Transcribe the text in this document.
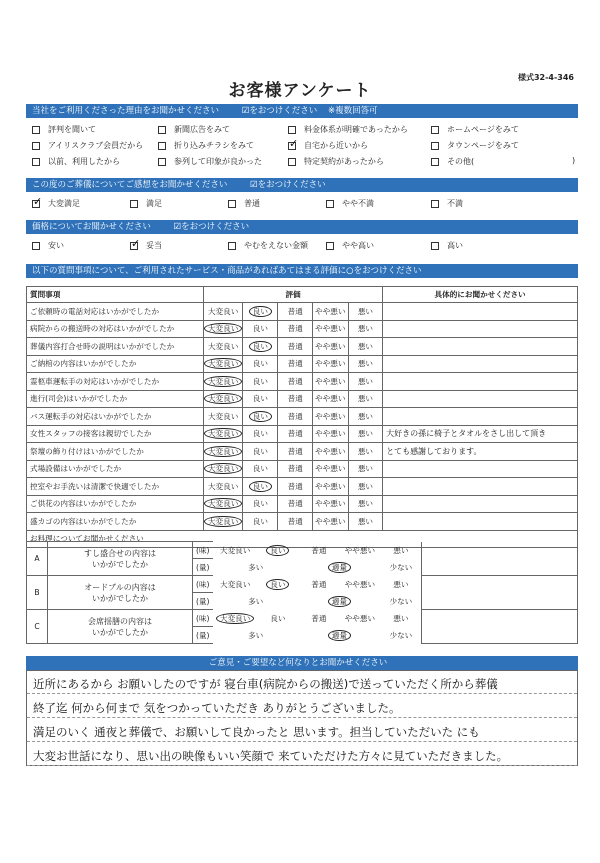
様式32-4-346
お客様アンケート
当社をご利用くださった理由をお聞かせください	☑をおつけください ※複数回答可
評判を聞いて	新聞広告をみて	料金体系が明確であったから	ホームページをみて
アイリスクラブ会員だから	折り込みチラシをみて ✓	自宅から近いから	タウンページをみて
以前、利用したから	参列して印象が良かった	特定契約があったから	その他(	)
この度のご葬儀についてご感想をお聞かせください	☑をおつけください
✓
大変満足	満足	普通	やや不満	不満
価格についてお聞かせください	☑をおつけください
安い ✓	妥当	やむをえない金額	やや高い	高い
以下の質問事項について、ご利用されたサービス・商品があればあてはまる評価に○をおつけください
質問事項	評価					具体的にお聞かせください
ご依頼時の電話対応はいかがでしたか	大変良い	良い	普通	やや悪い	悪い	
病院からの搬送時の対応はいかがでしたか	大変良い	良い	普通	やや悪い	悪い	
葬儀内容打合せ時の説明はいかがでしたか	大変良い	良い	普通	やや悪い	悪い	
ご納棺の内容はいかがでしたか	大変良い	良い	普通	やや悪い	悪い	
霊柩車運転手の対応はいかがでしたか	大変良い	良い	普通	やや悪い	悪い	
進行(司会)はいかがでしたか	大変良い	良い	普通	やや悪い	悪い	
バス運転手の対応はいかがでしたか	大変良い	良い	普通	やや悪い	悪い	
女性スタッフの接客は親切でしたか	大変良い	良い	普通	やや悪い	悪い	大好きの孫に椅子とタオルをさし出して頂き
祭壇の飾り付けはいかがでしたか	大変良い	良い	普通	やや悪い	悪い	とても感謝しております。
式場設備はいかがでしたか	大変良い	良い	普通	やや悪い	悪い	
控室やお手洗いは清潔で快適でしたか	大変良い	良い	普通	やや悪い	悪い	
ご供花の内容はいかがでしたか	大変良い	良い	普通	やや悪い	悪い	
盛カゴの内容はいかがでしたか	大変良い	良い	普通	やや悪い	悪い	
お料理についてお聞かせください						
A	すし盛合せの内容は
いかがでしたか	(味)	大変良い	良い	普通	やや悪い	悪い	
		(量)	多い		適量		少ない	
B	オードブルの内容は
いかがでしたか	(味)	大変良い	良い	普通	やや悪い	悪い	
		(量)	多い		適量		少ない	
C	会席揺膳の内容は
いかがでしたか	(味)	大変良い	良い	普通	やや悪い	悪い	
		(量)	多い		適量		少ない	
ご意見・ご要望など何なりとお聞かせください
近所にあるから お願いしたのですが 寝台車(病院からの搬送)で送っていただく所から葬儀
終了迄 何から何まで 気をつかっていただき ありがとうございました。
満足のいく 通夜と葬儀で、お願いして良かったと 思います。担当していただいた にも
大変お世話になり、思い出の映像もいい笑顔で 来ていただけた方々に見ていただきました。
